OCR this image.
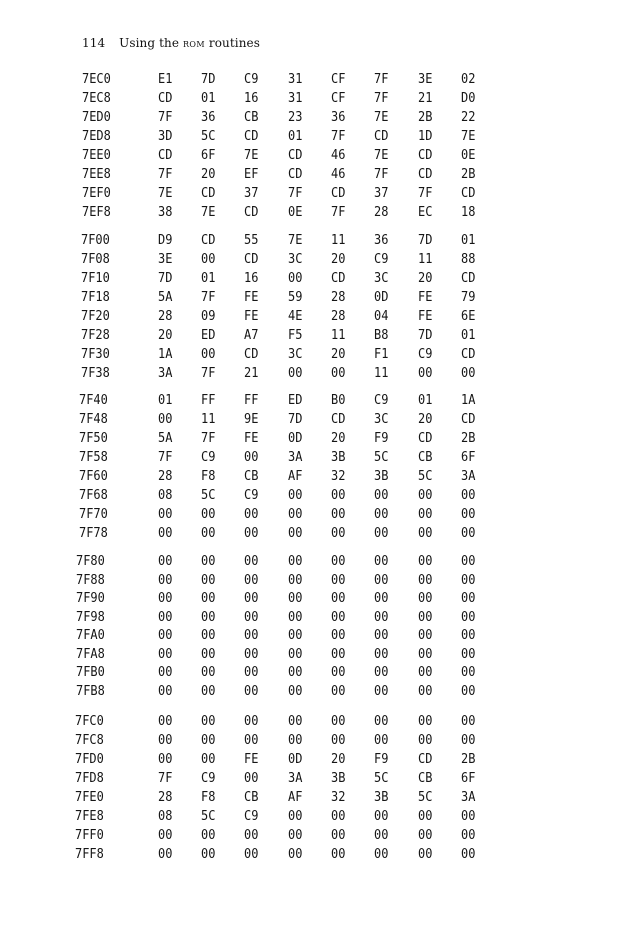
114 Using the ROM routines
7EC0	E1 7D C9 31 CF 7F 3E 02
7EC8	CD 01 16 31 CF 7F 21 D0
7ED0	7F 36 CB 23 36 7E 2B 22
7ED8	3D 5C CD 01 7F CD 1D 7E
7EE0	CD 6F 7E CD 46 7E CD 0E
7EE8	7F 20 EF CD 46 7F CD 2B
7EF0	7E CD 37 7F CD 37 7F CD
7EF8	38 7E CD 0E 7F 28 EC 18
7F00	D9 CD 55 7E 11 36 7D 01
7F08	3E 00 CD 3C 20 C9 11 88
7F10	7D 01 16 00 CD 3C 20 CD
7F18	5A 7F FE 59 28 0D FE 79
7F20	28 09 FE 4E 28 04 FE 6E
7F28	20 ED A7 F5 11 B8 7D 01
7F30	1A 00 CD 3C 20 F1 C9 CD
7F38	3A 7F 21 00 00 11 00 00
7F40	01 FF FF ED B0 C9 01 1A
7F48	00 11 9E 7D CD 3C 20 CD
7F50	5A 7F FE 0D 20 F9 CD 2B
7F58	7F C9 00 3A 3B 5C CB 6F
7F60	28 F8 CB AF 32 3B 5C 3A
7F68	08 5C C9 00 00 00 00 00
7F70	00 00 00 00 00 00 00 00
7F78	00 00 00 00 00 00 00 00
7F80	00 00 00 00 00 00 00 00
7F88	00 00 00 00 00 00 00 00
7F90	00 00 00 00 00 00 00 00
7F98	00 00 00 00 00 00 00 00
7FA0	00 00 00 00 00 00 00 00
7FA8	00 00 00 00 00 00 00 00
7FB0	00 00 00 00 00 00 00 00
7FB8	00 00 00 00 00 00 00 00
7FC0	00 00 00 00 00 00 00 00
7FC8	00 00 00 00 00 00 00 00
7FD0	00 00 FE 0D 20 F9 CD 2B
7FD8	7F C9 00 3A 3B 5C CB 6F
7FE0	28 F8 CB AF 32 3B 5C 3A
7FE8	08 5C C9 00 00 00 00 00
7FF0	00 00 00 00 00 00 00 00
7FF8	00 00 00 00 00 00 00 00
